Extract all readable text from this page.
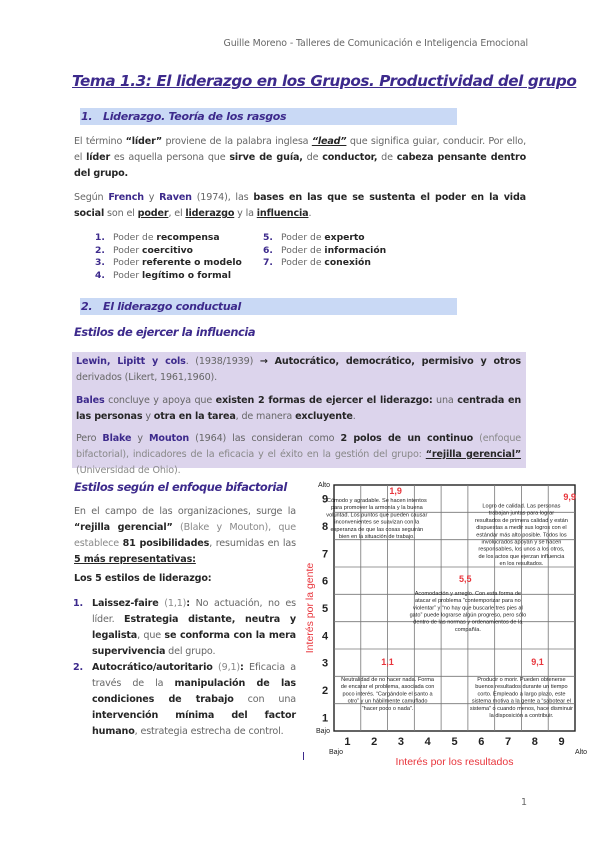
Guille Moreno - Talleres de Comunicación e Inteligencia Emocional
Tema 1.3: El liderazgo en los Grupos. Productividad del grupo
1. Liderazgo. Teoría de los rasgos
El término “líder” proviene de la palabra inglesa “lead” que significa guiar, conducir. Por ello, el líder es aquella persona que sirve de guía, de conductor, de cabeza pensante dentro del grupo.
Según French y Raven (1974), las bases en las que se sustenta el poder en la vida social son el poder, el liderazgo y la influencia.
1. Poder de recompensa
2. Poder coercitivo
3. Poder referente o modelo
4. Poder legítimo o formal
5. Poder de experto
6. Poder de información
7. Poder de conexión
2. El liderazgo conductual
Estilos de ejercer la influencia
Lewin, Lipitt y cols. (1938/1939) → Autocrático, democrático, permisivo y otros derivados (Likert, 1961,1960).
Bales concluye y apoya que existen 2 formas de ejercer el liderazgo: una centrada en las personas y otra en la tarea, de manera excluyente.
Pero Blake y Mouton (1964) las consideran como 2 polos de un continuo (enfoque bifactorial), indicadores de la eficacia y el éxito en la gestión del grupo: “rejilla gerencial” (Universidad de Ohio).
Estilos según el enfoque bifactorial
En el campo de las organizaciones, surge la “rejilla gerencial” (Blake y Mouton), que establece 81 posibilidades, resumidas en las 5 más representativas:
Los 5 estilos de liderazgo:
1. Laissez-faire (1,1): No actuación, no es líder. Estrategia distante, neutra y legalista, que se conforma con la mera supervivencia del grupo.
2. Autocrático/autoritario (9,1): Eficacia a través de la manipulación de las condiciones de trabajo con una intervención mínima del factor humano, estrategia estrecha de control.
1
1
2
2
3
3
4
4
5
5
6
6
7
7
8
8
9
9
Alto
Bajo
Bajo	Alto
Interés por los resultados
Interés por la gente
1,9
Cómodo y agradable. Se hacen intentos
para promover la armonía y la buena
voluntad. Los puntos que pueden causar
inconvenientes se suavizan con la
esperanza de que las cosas seguirán
bien en la situación de trabajo.
9,9
Logro de calidad. Las personas
trabajan juntas para lograr
resultados de primera calidad y están
dispuestas a medir sus logros con el
estándar más alto posible. Todos los
involucrados apoyan y se hacen
responsables, los unos a los otros,
de los actos que ejerzan influencia
en los resultados.
5,5
Acomodación y arreglo. Con esta forma de
atacar el problema “contemporizar para no
violentar” y “no hay que buscarle tres pies al
gato” puede lograrse algún progreso, pero sólo
dentro de las normas y ordenamientos de la
compañía.
1,1
Neutralidad de no hacer nada. Forma
de encarar el problema, asociada con
poco interés. “Cargándole el santo a
otro” y un hábilmente camuflado
“hacer poco o nada”.
9,1
Producir o morir. Pueden obtenerse
buenos resultados durante un tiempo
corto. Empleado a largo plazo, este
sistema motiva a la gente a “sabotear el
sistema” o cuando menos, hace disminuir
la disposición a contribuir.
1
